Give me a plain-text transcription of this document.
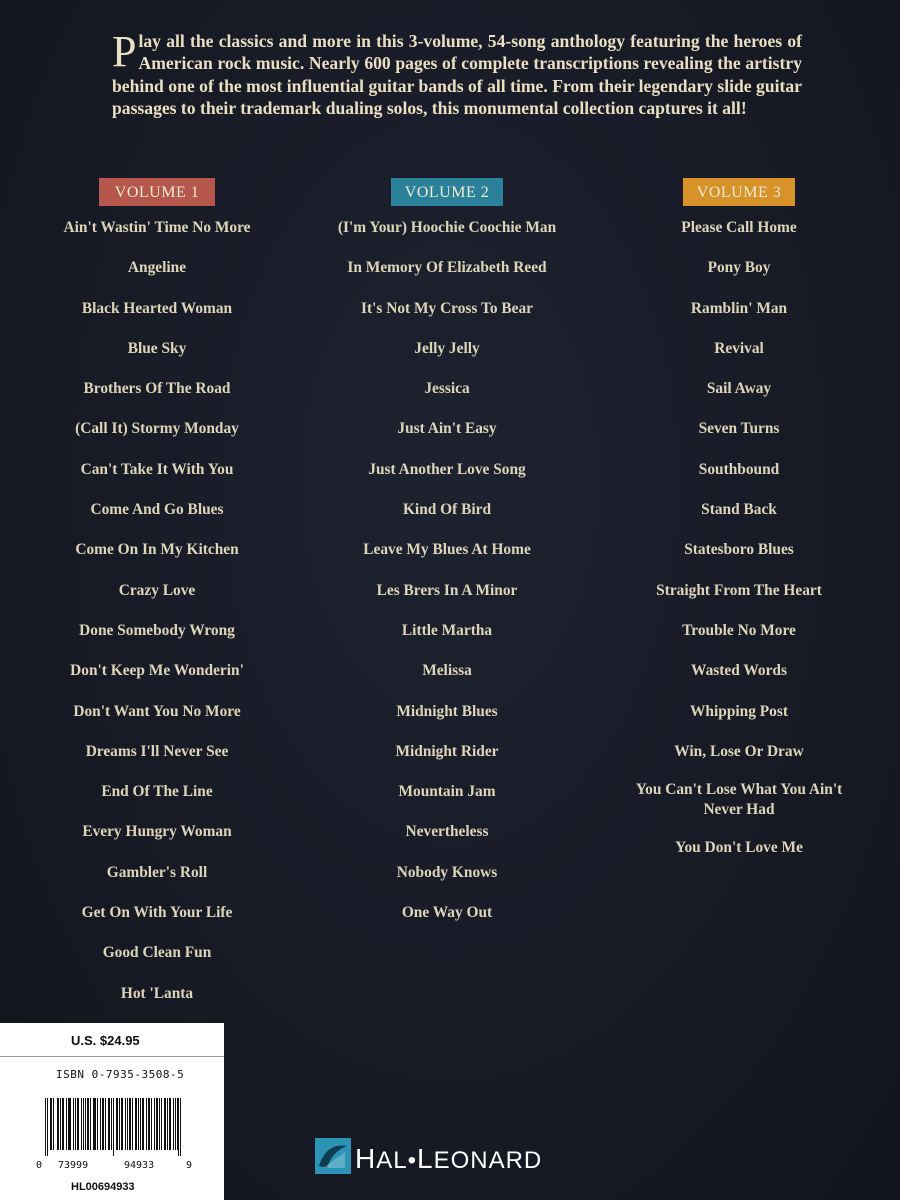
Play all the classics and more in this 3-volume, 54-song anthology featuring the heroes of American rock music. Nearly 600 pages of complete transcriptions revealing the artistry behind one of the most influential guitar bands of all time. From their legendary slide guitar passages to their trademark dualing solos, this monumental collection captures it all!

VOLUME 1
Ain't Wastin' Time No More
Angeline
Black Hearted Woman
Blue Sky
Brothers Of The Road
(Call It) Stormy Monday
Can't Take It With You
Come And Go Blues
Come On In My Kitchen
Crazy Love
Done Somebody Wrong
Don't Keep Me Wonderin'
Don't Want You No More
Dreams I'll Never See
End Of The Line
Every Hungry Woman
Gambler's Roll
Get On With Your Life
Good Clean Fun
Hot 'Lanta
VOLUME 2
(I'm Your) Hoochie Coochie Man
In Memory Of Elizabeth Reed
It's Not My Cross To Bear
Jelly Jelly
Jessica
Just Ain't Easy
Just Another Love Song
Kind Of Bird
Leave My Blues At Home
Les Brers In A Minor
Little Martha
Melissa
Midnight Blues
Midnight Rider
Mountain Jam
Nevertheless
Nobody Knows
One Way Out
VOLUME 3
Please Call Home
Pony Boy
Ramblin' Man
Revival
Sail Away
Seven Turns
Southbound
Stand Back
Statesboro Blues
Straight From The Heart
Trouble No More
Wasted Words
Whipping Post
Win, Lose Or Draw
You Can't Lose What You Ain't Never Had
You Don't Love Me
U.S. $24.95
ISBN 0-7935-3508-5
0 73999	94933	9
HL00694933
HAL•LEONARD
